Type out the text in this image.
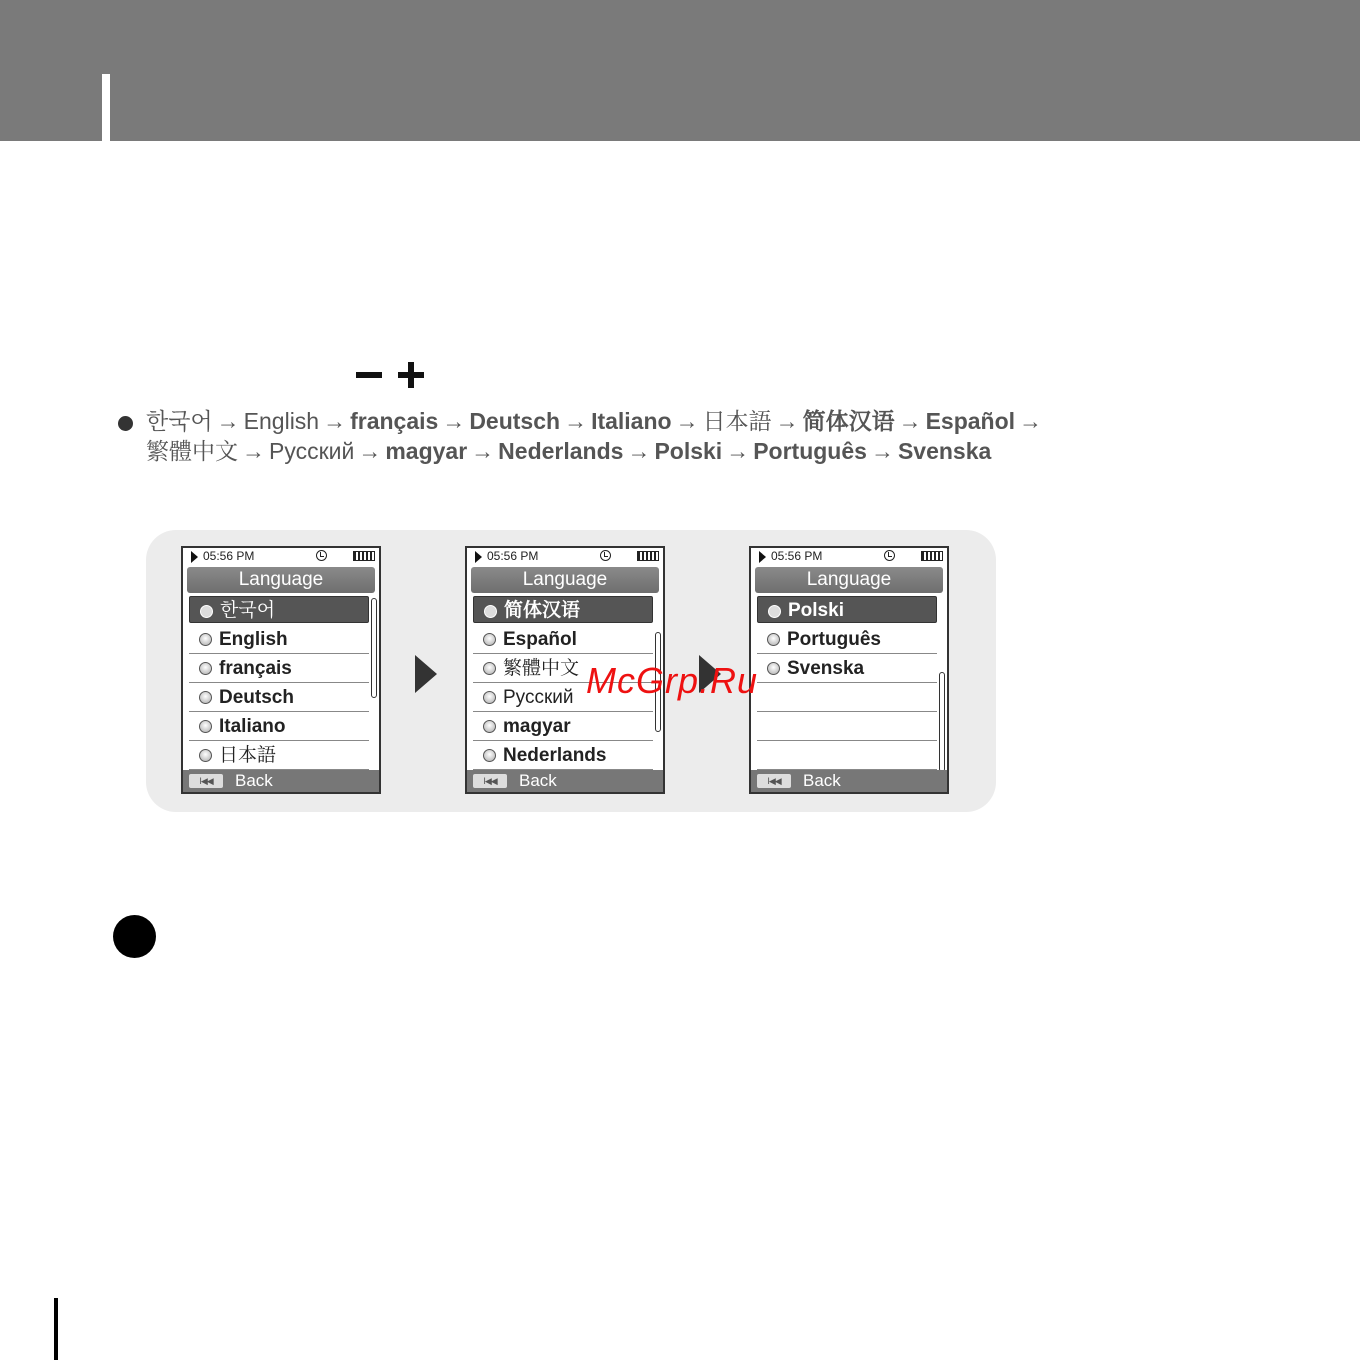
한국어 → English → français → Deutsch → Italiano → 日本語 → 简体汉语 → Español →
繁體中文 → Русский → magyar → Nederlands → Polski → Português → Svenska
05:56 PM
Language
한국어
English
français
Deutsch
Italiano
日本語
I◀◀	Back
05:56 PM
Language
简体汉语
Español
繁體中文
Русский
magyar
Nederlands
I◀◀	Back
05:56 PM
Language
Polski
Português
Svenska
I◀◀	Back
McGrp.Ru
